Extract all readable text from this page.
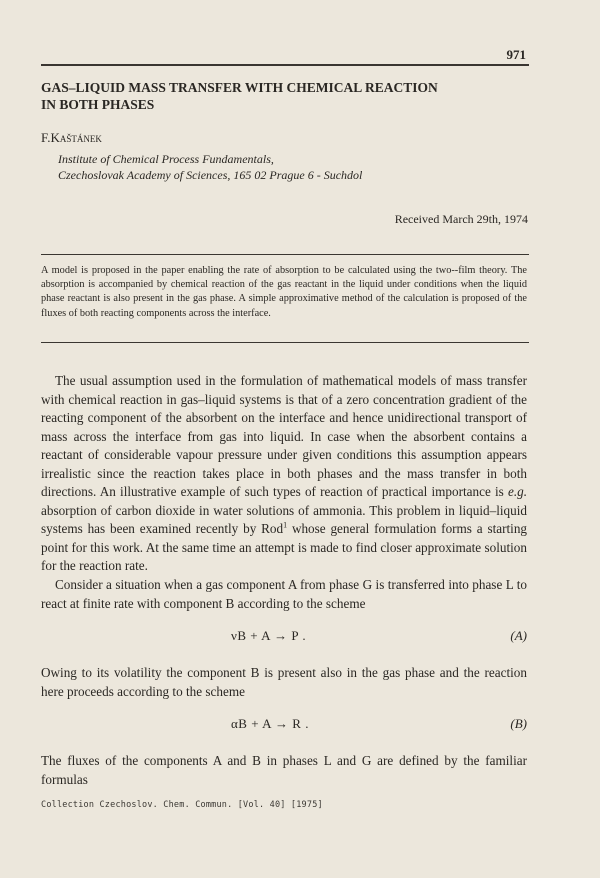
971
GAS–LIQUID MASS TRANSFER WITH CHEMICAL REACTION
IN BOTH PHASES
F.Kaštánek
Institute of Chemical Process Fundamentals,
Czechoslovak Academy of Sciences, 165 02 Prague 6 - Suchdol
Received March 29th, 1974

A model is proposed in the paper enabling the rate of absorption to be calculated using the two--film theory. The absorption is accompanied by chemical reaction of the gas reactant in the liquid under conditions when the liquid phase reactant is also present in the gas phase. A simple approximative method of the calculation is proposed of the fluxes of both reacting components across the interface.

The usual assumption used in the formulation of mathematical models of mass transfer with chemical reaction in gas–liquid systems is that of a zero concentration gradient of the reacting component of the absorbent on the interface and hence unidirectional transport of mass across the interface from gas into liquid. In case when the absorbent contains a reactant of considerable vapour pressure under given conditions this assumption appears irrealistic since the reaction takes place in both phases and the mass transfer in both directions. An illustrative example of such types of reaction of practical importance is e.g. absorption of carbon dioxide in water solutions of ammonia. This problem in liquid–liquid systems has been examined recently by Rod$^1$ whose general formulation forms a starting point for this work. At the same time an attempt is made to find closer approximate solution for the reaction rate.

Consider a situation when a gas component A from phase G is transferred into phase L to react at finite rate with component B according to the scheme

νB + A → P .	(A)

Owing to its volatility the component B is present also in the gas phase and the reaction here proceeds according to the scheme

αB + A → R .	(B)

The fluxes of the components A and B in phases L and G are defined by the familiar formulas

Collection Czechoslov. Chem. Commun. [Vol. 40] [1975]
